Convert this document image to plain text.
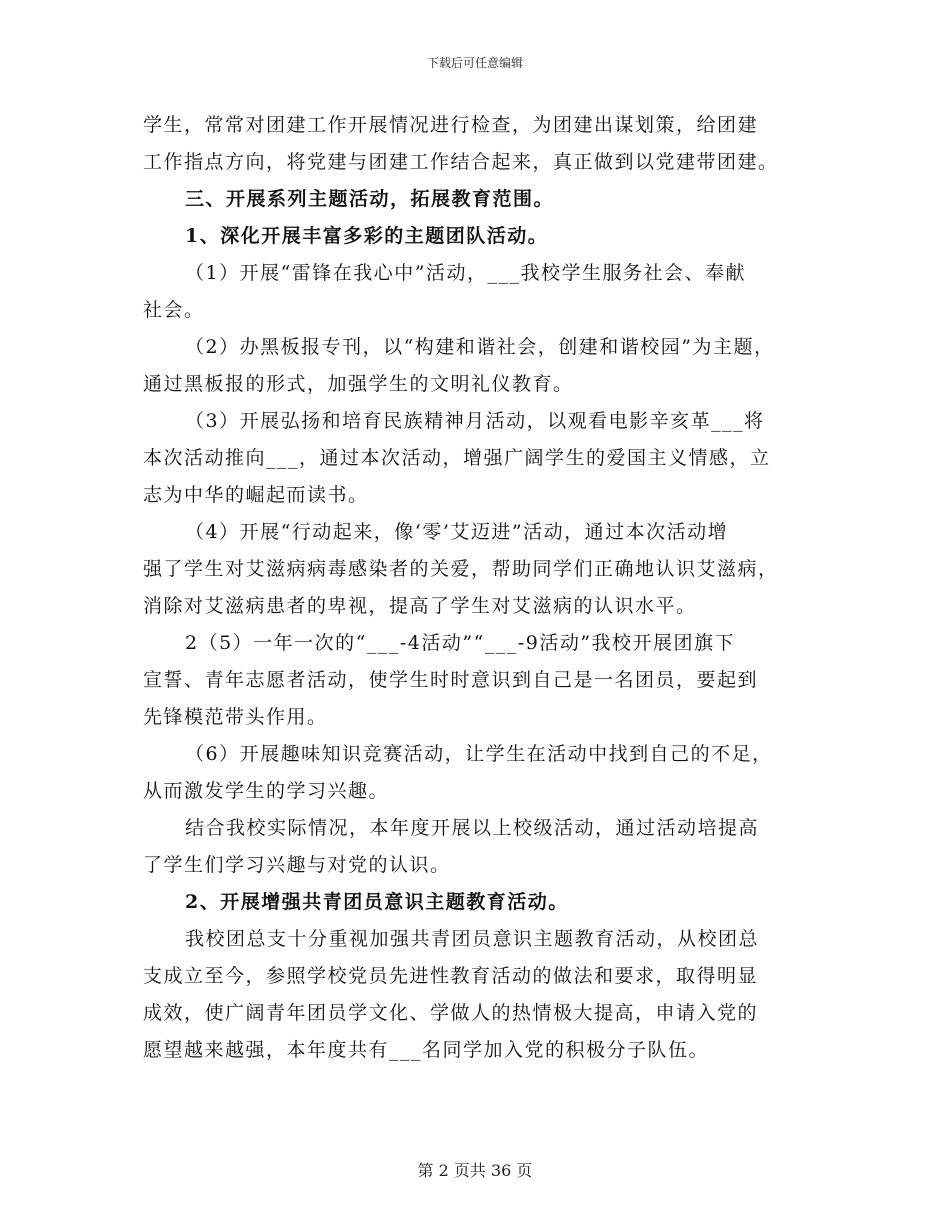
下载后可任意编辑
学生，常常对团建工作开展情况进行检查，为团建出谋划策，给团建
工作指点方向，将党建与团建工作结合起来，真正做到以党建带团建。
三、开展系列主题活动，拓展教育范围。
1、深化开展丰富多彩的主题团队活动。
（1）开展“雷锋在我心中”活动，___我校学生服务社会、奉献
社会。
（2）办黑板报专刊，以“构建和谐社会，创建和谐校园”为主题，
通过黑板报的形式，加强学生的文明礼仪教育。
（3）开展弘扬和培育民族精神月活动，以观看电影辛亥革___将
本次活动推向___，通过本次活动，增强广阔学生的爱国主义情感，立
志为中华的崛起而读书。
（4）开展“行动起来，像‘零’艾迈进”活动，通过本次活动增
强了学生对艾滋病病毒感染者的关爱，帮助同学们正确地认识艾滋病，
消除对艾滋病患者的卑视，提高了学生对艾滋病的认识水平。
2（5）一年一次的“___-4活动”“___-9活动”我校开展团旗下
宣誓、青年志愿者活动，使学生时时意识到自己是一名团员，要起到
先锋模范带头作用。
（6）开展趣味知识竞赛活动，让学生在活动中找到自己的不足，
从而激发学生的学习兴趣。
结合我校实际情况，本年度开展以上校级活动，通过活动培提高
了学生们学习兴趣与对党的认识。
2、开展增强共青团员意识主题教育活动。
我校团总支十分重视加强共青团员意识主题教育活动，从校团总
支成立至今，参照学校党员先进性教育活动的做法和要求，取得明显
成效，使广阔青年团员学文化、学做人的热情极大提高，申请入党的
愿望越来越强，本年度共有___名同学加入党的积极分子队伍。
第 2 页共 36 页
